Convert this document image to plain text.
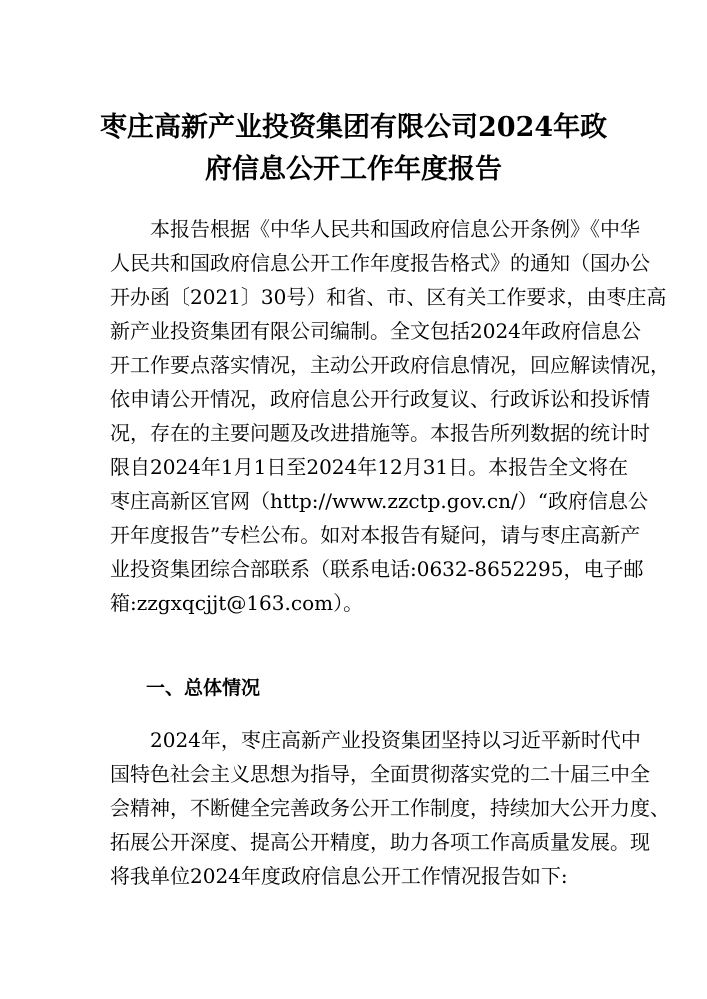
枣庄高新产业投资集团有限公司2024年政
府信息公开工作年度报告
本报告根据《中华人民共和国政府信息公开条例》《中华
人民共和国政府信息公开工作年度报告格式》的通知（国办公
开办函〔2021〕30号）和省、市、区有关工作要求，由枣庄高
新产业投资集团有限公司编制。全文包括2024年政府信息公
开工作要点落实情况，主动公开政府信息情况，回应解读情况，
依申请公开情况，政府信息公开行政复议、行政诉讼和投诉情
况，存在的主要问题及改进措施等。本报告所列数据的统计时
限自2024年1月1日至2024年12月31日。本报告全文将在
枣庄高新区官网（http://www.zzctp.gov.cn/）“政府信息公
开年度报告”专栏公布。如对本报告有疑问，请与枣庄高新产
业投资集团综合部联系（联系电话:0632-8652295，电子邮
箱:zzgxqcjjt@163.com）。
一、总体情况
2024年，枣庄高新产业投资集团坚持以习近平新时代中
国特色社会主义思想为指导，全面贯彻落实党的二十届三中全
会精神，不断健全完善政务公开工作制度，持续加大公开力度、
拓展公开深度、提高公开精度，助力各项工作高质量发展。现
将我单位2024年度政府信息公开工作情况报告如下:
